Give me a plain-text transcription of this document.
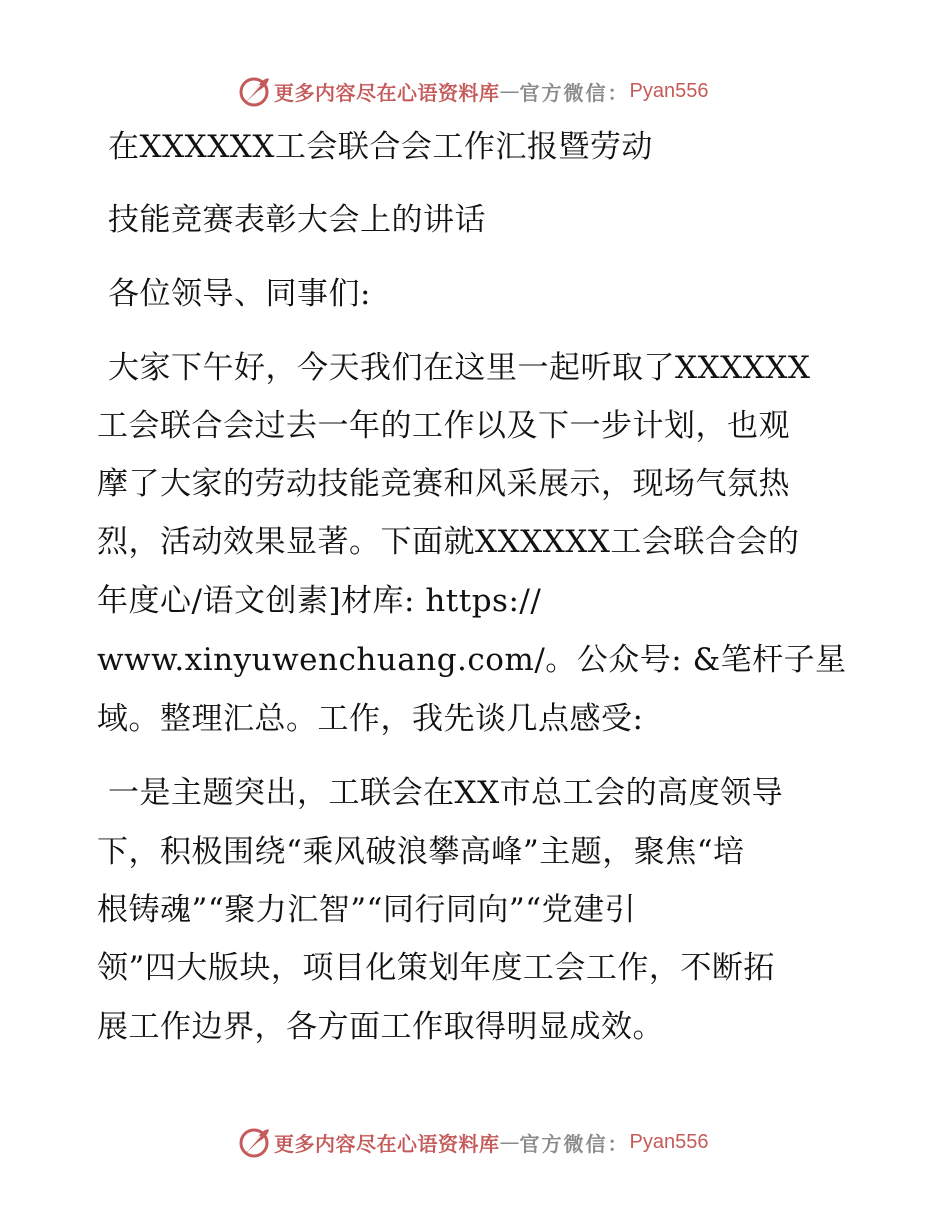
更多内容尽在心语资料库 — 官方微信： Pyan556
在XXXXXX工会联合会工作汇报暨劳动
技能竞赛表彰大会上的讲话
各位领导、同事们:
大家下午好，今天我们在这里一起听取了XXXXXX
工会联合会过去一年的工作以及下一步计划，也观
摩了大家的劳动技能竞赛和风采展示，现场气氛热
烈，活动效果显著。下面就XXXXXX工会联合会的
年度心/语文创素]材库: https://
www.xinyuwenchuang.com/。公众号: &笔杆子星
域。整理汇总。工作，我先谈几点感受:
一是主题突出，工联会在XX市总工会的高度领导
下，积极围绕“乘风破浪攀高峰”主题，聚焦“培
根铸魂”“聚力汇智”“同行同向”“党建引
领”四大版块，项目化策划年度工会工作，不断拓
展工作边界，各方面工作取得明显成效。
更多内容尽在心语资料库 — 官方微信： Pyan556
